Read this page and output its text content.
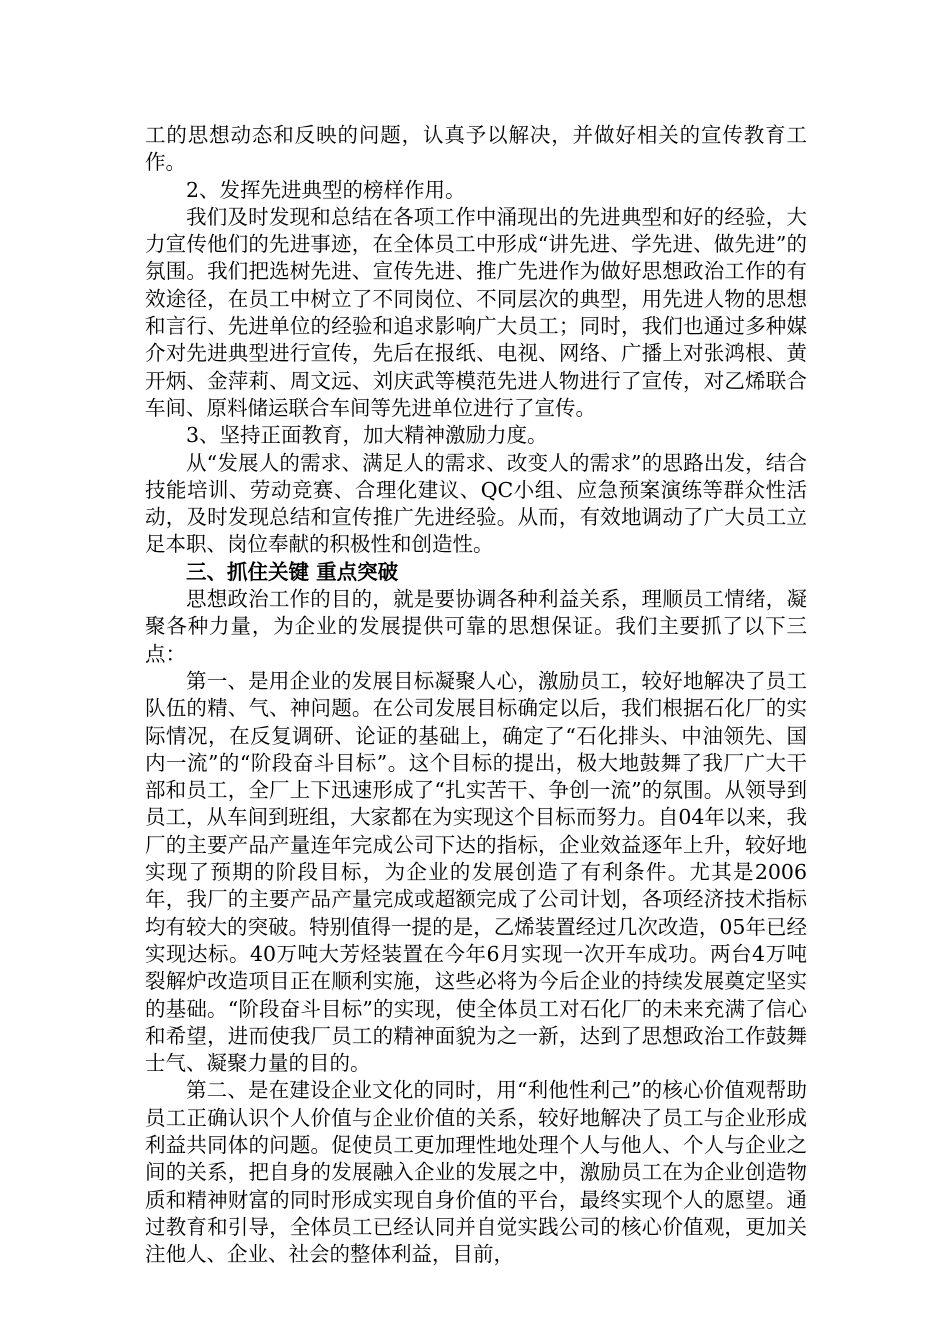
工的思想动态和反映的问题，认真予以解决，并做好相关的宣传教育工作。

2、发挥先进典型的榜样作用。

我们及时发现和总结在各项工作中涌现出的先进典型和好的经验，大力宣传他们的先进事迹，在全体员工中形成“讲先进、学先进、做先进”的氛围。我们把选树先进、宣传先进、推广先进作为做好思想政治工作的有效途径，在员工中树立了不同岗位、不同层次的典型，用先进人物的思想和言行、先进单位的经验和追求影响广大员工；同时，我们也通过多种媒介对先进典型进行宣传，先后在报纸、电视、网络、广播上对张鸿根、黄开炳、金萍莉、周文远、刘庆武等模范先进人物进行了宣传，对乙烯联合车间、原料储运联合车间等先进单位进行了宣传。

3、坚持正面教育，加大精神激励力度。

从“发展人的需求、满足人的需求、改变人的需求”的思路出发，结合技能培训、劳动竞赛、合理化建议、QC小组、应急预案演练等群众性活动，及时发现总结和宣传推广先进经验。从而，有效地调动了广大员工立足本职、岗位奉献的积极性和创造性。

三、抓住关键 重点突破

思想政治工作的目的，就是要协调各种利益关系，理顺员工情绪，凝聚各种力量，为企业的发展提供可靠的思想保证。我们主要抓了以下三点：

第一、是用企业的发展目标凝聚人心，激励员工，较好地解决了员工队伍的精、气、神问题。在公司发展目标确定以后，我们根据石化厂的实际情况，在反复调研、论证的基础上，确定了“石化排头、中油领先、国内一流”的“阶段奋斗目标”。这个目标的提出，极大地鼓舞了我厂广大干部和员工，全厂上下迅速形成了“扎实苦干、争创一流”的氛围。从领导到员工，从车间到班组，大家都在为实现这个目标而努力。自04年以来，我厂的主要产品产量连年完成公司下达的指标，企业效益逐年上升，较好地实现了预期的阶段目标，为企业的发展创造了有利条件。尤其是2006年，我厂的主要产品产量完成或超额完成了公司计划，各项经济技术指标均有较大的突破。特别值得一提的是，乙烯装置经过几次改造，05年已经实现达标。40万吨大芳烃装置在今年6月实现一次开车成功。两台4万吨裂解炉改造项目正在顺利实施，这些必将为今后企业的持续发展奠定坚实的基础。“阶段奋斗目标”的实现，使全体员工对石化厂的未来充满了信心和希望，进而使我厂员工的精神面貌为之一新，达到了思想政治工作鼓舞士气、凝聚力量的目的。

第二、是在建设企业文化的同时，用“利他性利己”的核心价值观帮助员工正确认识个人价值与企业价值的关系，较好地解决了员工与企业形成利益共同体的问题。促使员工更加理性地处理个人与他人、个人与企业之间的关系，把自身的发展融入企业的发展之中，激励员工在为企业创造物质和精神财富的同时形成实现自身价值的平台，最终实现个人的愿望。通过教育和引导，全体员工已经认同并自觉实践公司的核心价值观，更加关注他人、企业、社会的整体利益，目前，
